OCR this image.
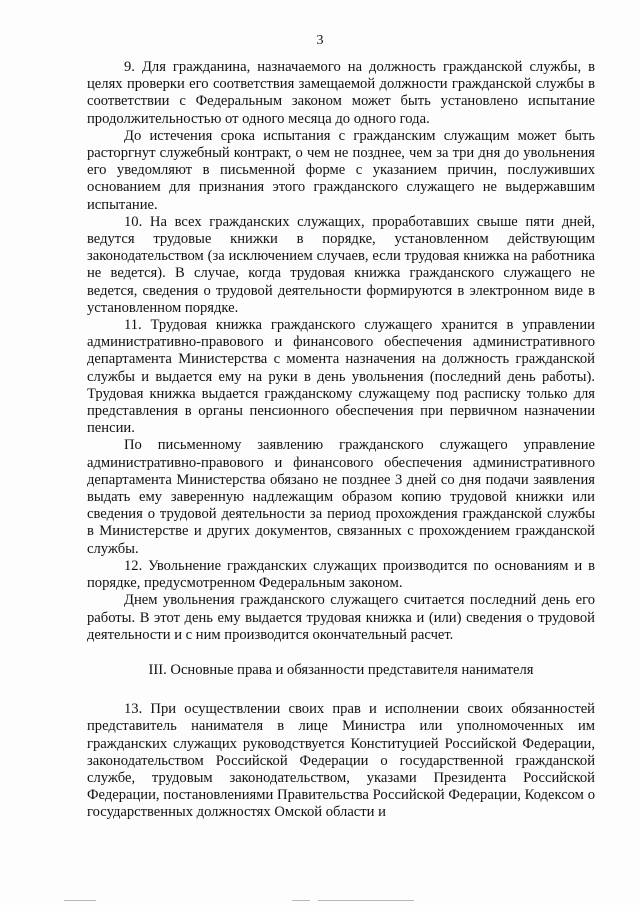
3

9. Для гражданина, назначаемого на должность гражданской службы, в целях проверки его соответствия замещаемой должности гражданской службы в соответствии с Федеральным законом может быть установлено испытание продолжительностью от одного месяца до одного года.

До истечения срока испытания с гражданским служащим может быть расторгнут служебный контракт, о чем не позднее, чем за три дня до увольнения его уведомляют в письменной форме с указанием причин, послуживших основанием для признания этого гражданского служащего не выдержавшим испытание.

10. На всех гражданских служащих, проработавших свыше пяти дней, ведутся трудовые книжки в порядке, установленном действующим законодательством (за исключением случаев, если трудовая книжка на работника не ведется). В случае, когда трудовая книжка гражданского служащего не ведется, сведения о трудовой деятельности формируются в электронном виде в установленном порядке.

11. Трудовая книжка гражданского служащего хранится в управлении административно-правового и финансового обеспечения административного департамента Министерства с момента назначения на должность гражданской службы и выдается ему на руки в день увольнения (последний день работы). Трудовая книжка выдается гражданскому служащему под расписку только для представления в органы пенсионного обеспечения при первичном назначении пенсии.

По письменному заявлению гражданского служащего управление административно-правового и финансового обеспечения административного департамента Министерства обязано не позднее 3 дней со дня подачи заявления выдать ему заверенную надлежащим образом копию трудовой книжки или сведения о трудовой деятельности за период прохождения гражданской службы в Министерстве и других документов, связанных с прохождением гражданской службы.

12. Увольнение гражданских служащих производится по основаниям и в порядке, предусмотренном Федеральным законом.

Днем увольнения гражданского служащего считается последний день его работы. В этот день ему выдается трудовая книжка и (или) сведения о трудовой деятельности и с ним производится окончательный расчет.

III. Основные права и обязанности представителя нанимателя

13. При осуществлении своих прав и исполнении своих обязанностей представитель нанимателя в лице Министра или уполномоченных им гражданских служащих руководствуется Конституцией Российской Федерации, законодательством Российской Федерации о государственной гражданской службе, трудовым законодательством, указами Президента Российской Федерации, постановлениями Правительства Российской Федерации, Кодексом о государственных должностях Омской области и
